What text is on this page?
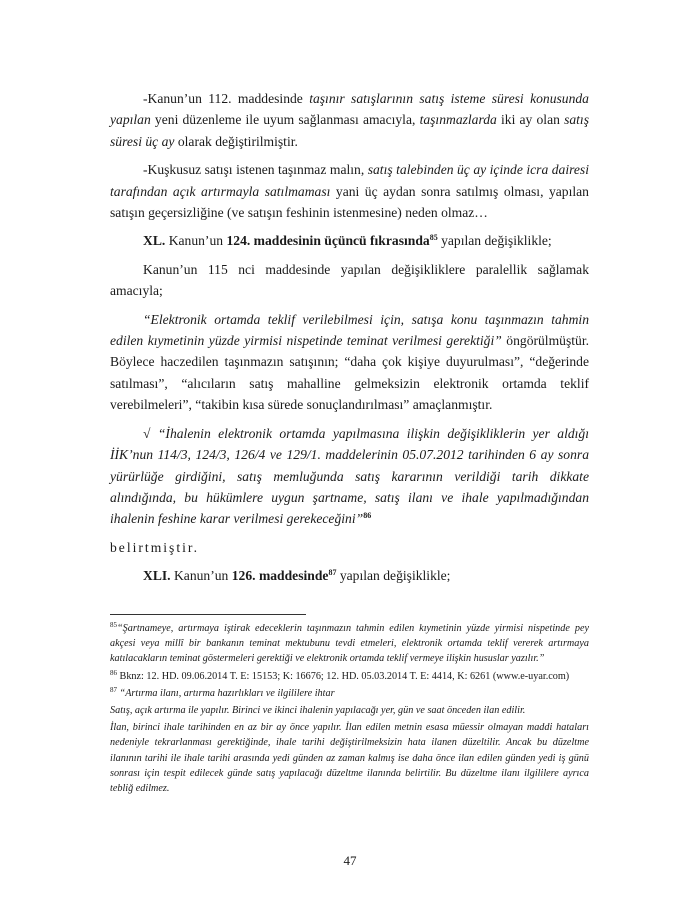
-Kanun’un 112. maddesinde taşınır satışlarının satış isteme süresi konusunda yapılan yeni düzenleme ile uyum sağlanması amacıyla, taşınmazlarda iki ay olan satış süresi üç ay olarak değiştirilmiştir.

-Kuşkusuz satışı istenen taşınmaz malın, satış talebinden üç ay içinde icra dairesi tarafından açık artırmayla satılmaması yani üç aydan sonra satılmış olması, yapılan satışın geçersizliğine (ve satışın feshinin istenmesine) neden olmaz…

XL. Kanun’un 124. maddesinin üçüncü fıkrasında$^{85}$ yapılan değişiklikle;

Kanun’un 115 nci maddesinde yapılan değişikliklere paralellik sağlamak amacıyla;

“Elektronik ortamda teklif verilebilmesi için, satışa konu taşınmazın tahmin edilen kıymetinin yüzde yirmisi nispetinde teminat verilmesi gerektiği” öngörülmüştür. Böylece haczedilen taşınmazın satışının; “daha çok kişiye duyurulması”, “değerinde satılması”, “alıcıların satış mahalline gelmeksizin elektronik ortamda teklif verebilmeleri”, “takibin kısa sürede sonuçlandırılması” amaçlanmıştır.

√ “İhalenin elektronik ortamda yapılmasına ilişkin değişikliklerin yer aldığı İİK’nun 114/3, 124/3, 126/4 ve 129/1. maddelerinin 05.07.2012 tarihinden 6 ay sonra yürürlüğe girdiğini, satış memluğunda satış kararının verildiği tarih dikkate alındığında, bu hükümlere uygun şartname, satış ilanı ve ihale yapılmadığından ihalenin feshine karar verilmesi gerekeceğini”$^{86}$

belirtmiştir.

XLI. Kanun’un 126. maddesinde$^{87}$ yapılan değişiklikle;

$^{85}$“Şartnameye, artırmaya iştirak edeceklerin taşınmazın tahmin edilen kıymetinin yüzde yirmisi nispetinde pey akçesi veya millî bir bankanın teminat mektubunu tevdi etmeleri, elektronik ortamda teklif vererek artırmaya katılacakların teminat göstermeleri gerektiği ve elektronik ortamda teklif vermeye ilişkin hususlar yazılır.”

$^{86}$ Bknz: 12. HD. 09.06.2014 T. E: 15153; K: 16676; 12. HD. 05.03.2014 T. E: 4414, K: 6261 (www.e-uyar.com)

$^{87}$ “Artırma ilanı, artırma hazırlıkları ve ilgililere ihtar

Satış, açık artırma ile yapılır. Birinci ve ikinci ihalenin yapılacağı yer, gün ve saat önceden ilan edilir.

İlan, birinci ihale tarihinden en az bir ay önce yapılır. İlan edilen metnin esasa müessir olmayan maddi hataları nedeniyle tekrarlanması gerektiğinde, ihale tarihi değiştirilmeksizin hata ilanen düzeltilir. Ancak bu düzeltme ilanının tarihi ile ihale tarihi arasında yedi günden az zaman kalmış ise daha önce ilan edilen günden yedi iş günü sonrası için tespit edilecek günde satış yapılacağı düzeltme ilanında belirtilir. Bu düzeltme ilanı ilgililere ayrıca tebliğ edilmez.

47
